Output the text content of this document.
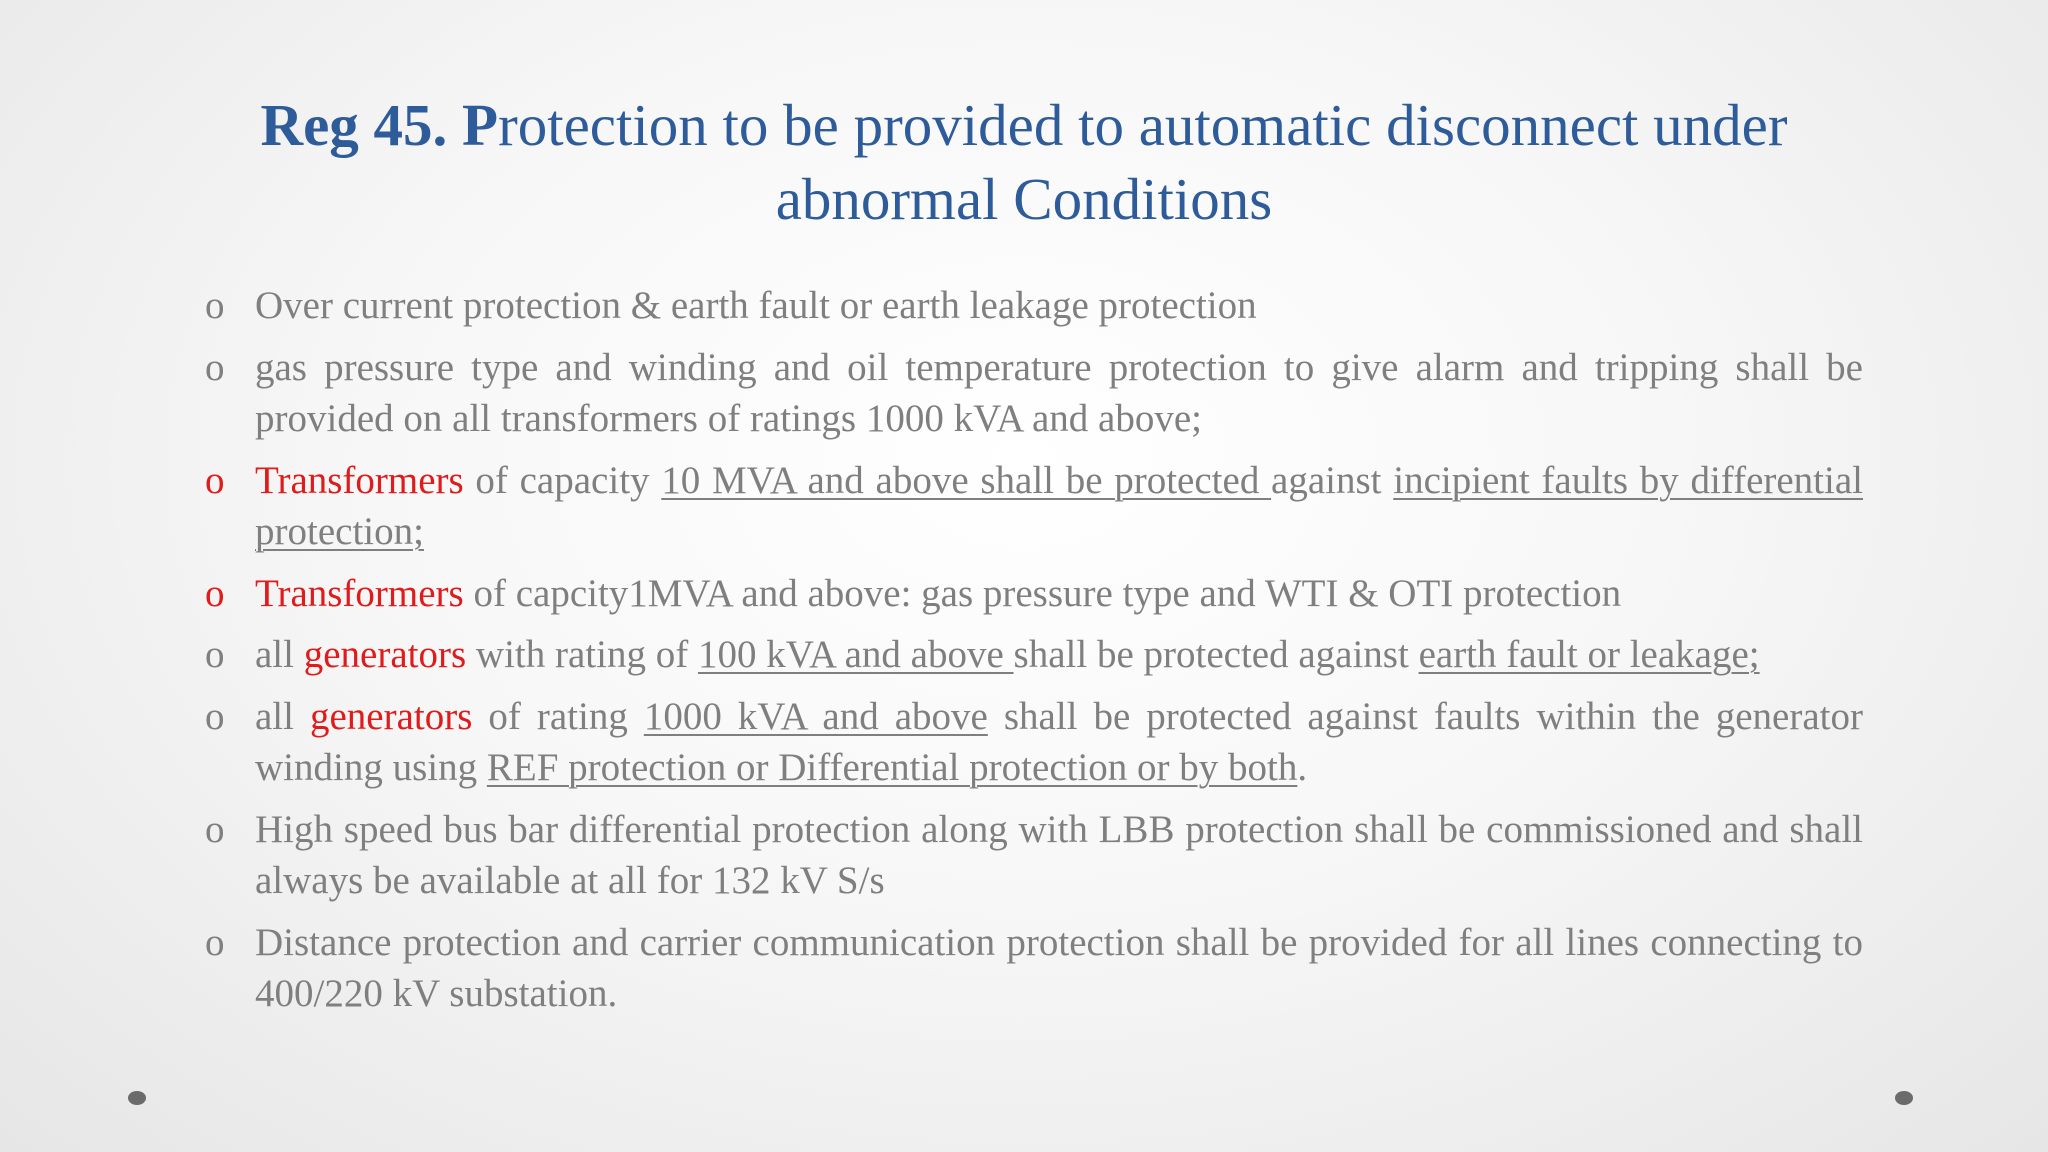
Reg 45. Protection to be provided to automatic disconnect under abnormal Conditions
o Over current protection & earth fault or earth leakage protection
o gas pressure type and winding and oil temperature protection to give alarm and tripping shall be provided on all transformers of ratings 1000 kVA and above;
o Transformers of capacity 10 MVA and above shall be protected against incipient faults by differential protection;
o Transformers of capcity1MVA and above: gas pressure type and WTI & OTI protection
o all generators with rating of 100 kVA and above shall be protected against earth fault or leakage;
o all generators of rating 1000 kVA and above shall be protected against faults within the generator winding using REF protection or Differential protection or by both.
o High speed bus bar differential protection along with LBB protection shall be commissioned and shall always be available at all for 132 kV S/s
o Distance protection and carrier communication protection shall be provided for all lines connecting to 400/220 kV substation.
